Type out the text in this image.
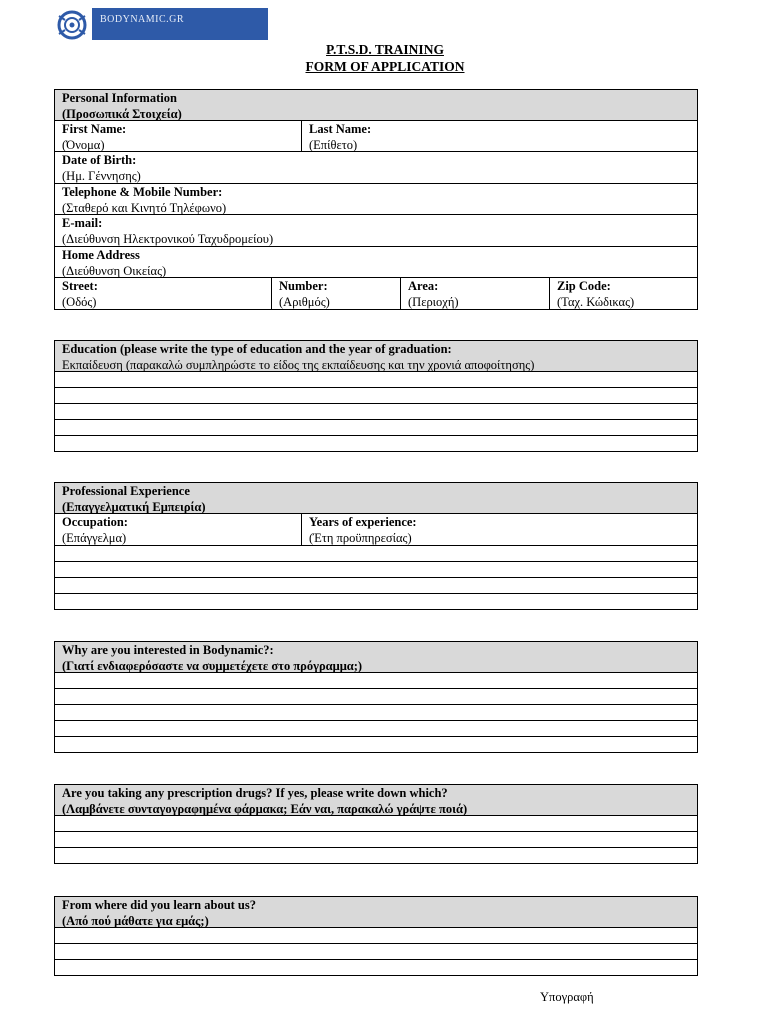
BODYNAMIC.GR
P.T.S.D. TRAINING
FORM OF APPLICATION
Personal Information
(Προσωπικά Στοιχεία)
First Name:
(Όνομα)
Last Name:
(Επίθετο)
Date of Birth:
(Ημ. Γέννησης)
Telephone & Mobile Number:
(Σταθερό και Κινητό Τηλέφωνο)
E-mail:
(Διεύθυνση Ηλεκτρονικού Ταχυδρομείου)
Home Address
(Διεύθυνση Οικείας)
Street:
(Οδός)
Number:
(Αριθμός)
Area:
(Περιοχή)
Zip Code:
(Ταχ. Κώδικας)
Education (please write the type of education and the year of graduation:
Εκπαίδευση (παρακαλώ συμπληρώστε το είδος της εκπαίδευσης και την χρονιά αποφοίτησης)
Professional Experience
(Επαγγελματική Εμπειρία)
Occupation:
(Επάγγελμα)
Years of experience:
(Έτη προϋπηρεσίας)
Why are you interested in Bodynamic?:
(Γιατί ενδιαφερόσαστε να συμμετέχετε στο πρόγραμμα;)
Are you taking any prescription drugs? If yes, please write down which?
(Λαμβάνετε συνταγογραφημένα φάρμακα; Εάν ναι, παρακαλώ γράψτε ποιά)
From where did you learn about us?
(Από πού μάθατε για εμάς;)
Υπογραφή
